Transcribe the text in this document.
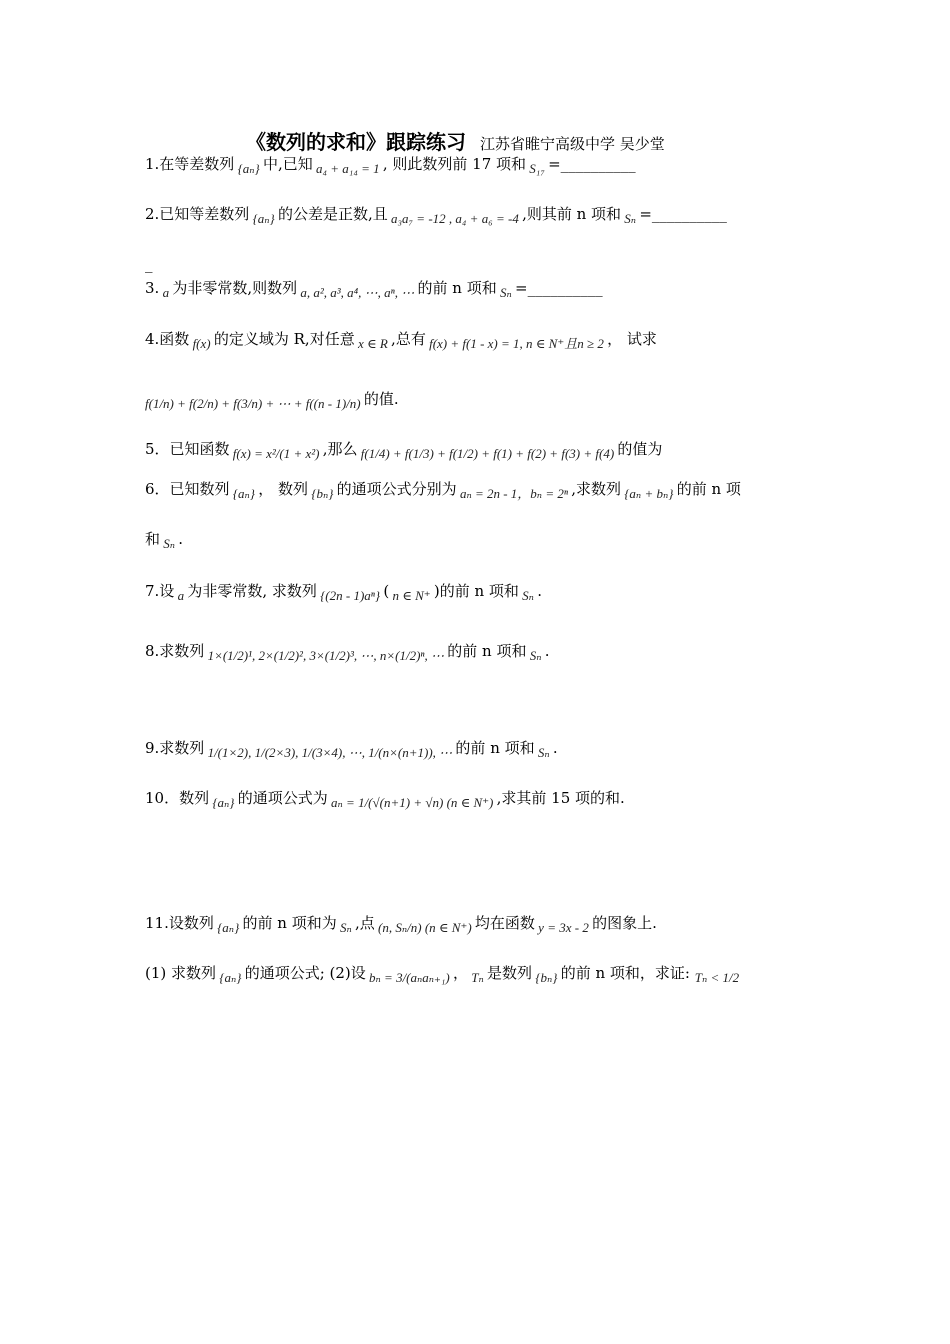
《数列的求和》跟踪练习 江苏省睢宁高级中学 吴少堂
1.在等差数列 {aₙ} 中,已知 a₄ + a₁₄ = 1 , 则此数列前 17 项和 S₁₇ =__________
2.已知等差数列 {aₙ} 的公差是正数,且 a₃a₇ = -12 , a₄ + a₆ = -4 ,则其前 n 项和 Sₙ =__________
_
3. a 为非零常数,则数列 a, a², a³, a⁴, ⋯, aⁿ, ⋯ 的前 n 项和 Sₙ =__________
4.函数 f(x) 的定义域为 R,对任意 x ∈ R ,总有 f(x) + f(1 - x) = 1, n ∈ N⁺且n ≥ 2 ， 试求
f(1/n) + f(2/n) + f(3/n) + ⋯ + f((n - 1)/n) 的值.
5．已知函数 f(x) = x²/(1 + x²) ,那么 f(1/4) + f(1/3) + f(1/2) + f(1) + f(2) + f(3) + f(4) 的值为
6．已知数列 {aₙ} ， 数列 {bₙ} 的通项公式分别为 aₙ = 2n - 1，bₙ = 2ⁿ ,求数列 {aₙ + bₙ} 的前 n 项
和 Sₙ .
7.设 a 为非零常数, 求数列 {(2n - 1)aⁿ} ( n ∈ N⁺ )的前 n 项和 Sₙ .
8.求数列 1×(1/2)¹, 2×(1/2)², 3×(1/2)³, ⋯, n×(1/2)ⁿ, ⋯ 的前 n 项和 Sₙ .
9.求数列 1/(1×2), 1/(2×3), 1/(3×4), ⋯, 1/(n×(n+1)), ⋯ 的前 n 项和 Sₙ .
10．数列 {aₙ} 的通项公式为 aₙ = 1/(√(n+1) + √n) (n ∈ N⁺) ,求其前 15 项的和.
11.设数列 {aₙ} 的前 n 项和为 Sₙ ,点 (n, Sₙ/n) (n ∈ N⁺) 均在函数 y = 3x - 2 的图象上.
(1) 求数列 {aₙ} 的通项公式; (2)设 bₙ = 3/(aₙaₙ₊₁) ， Tₙ 是数列 {bₙ} 的前 n 项和，求证: Tₙ < 1/2
